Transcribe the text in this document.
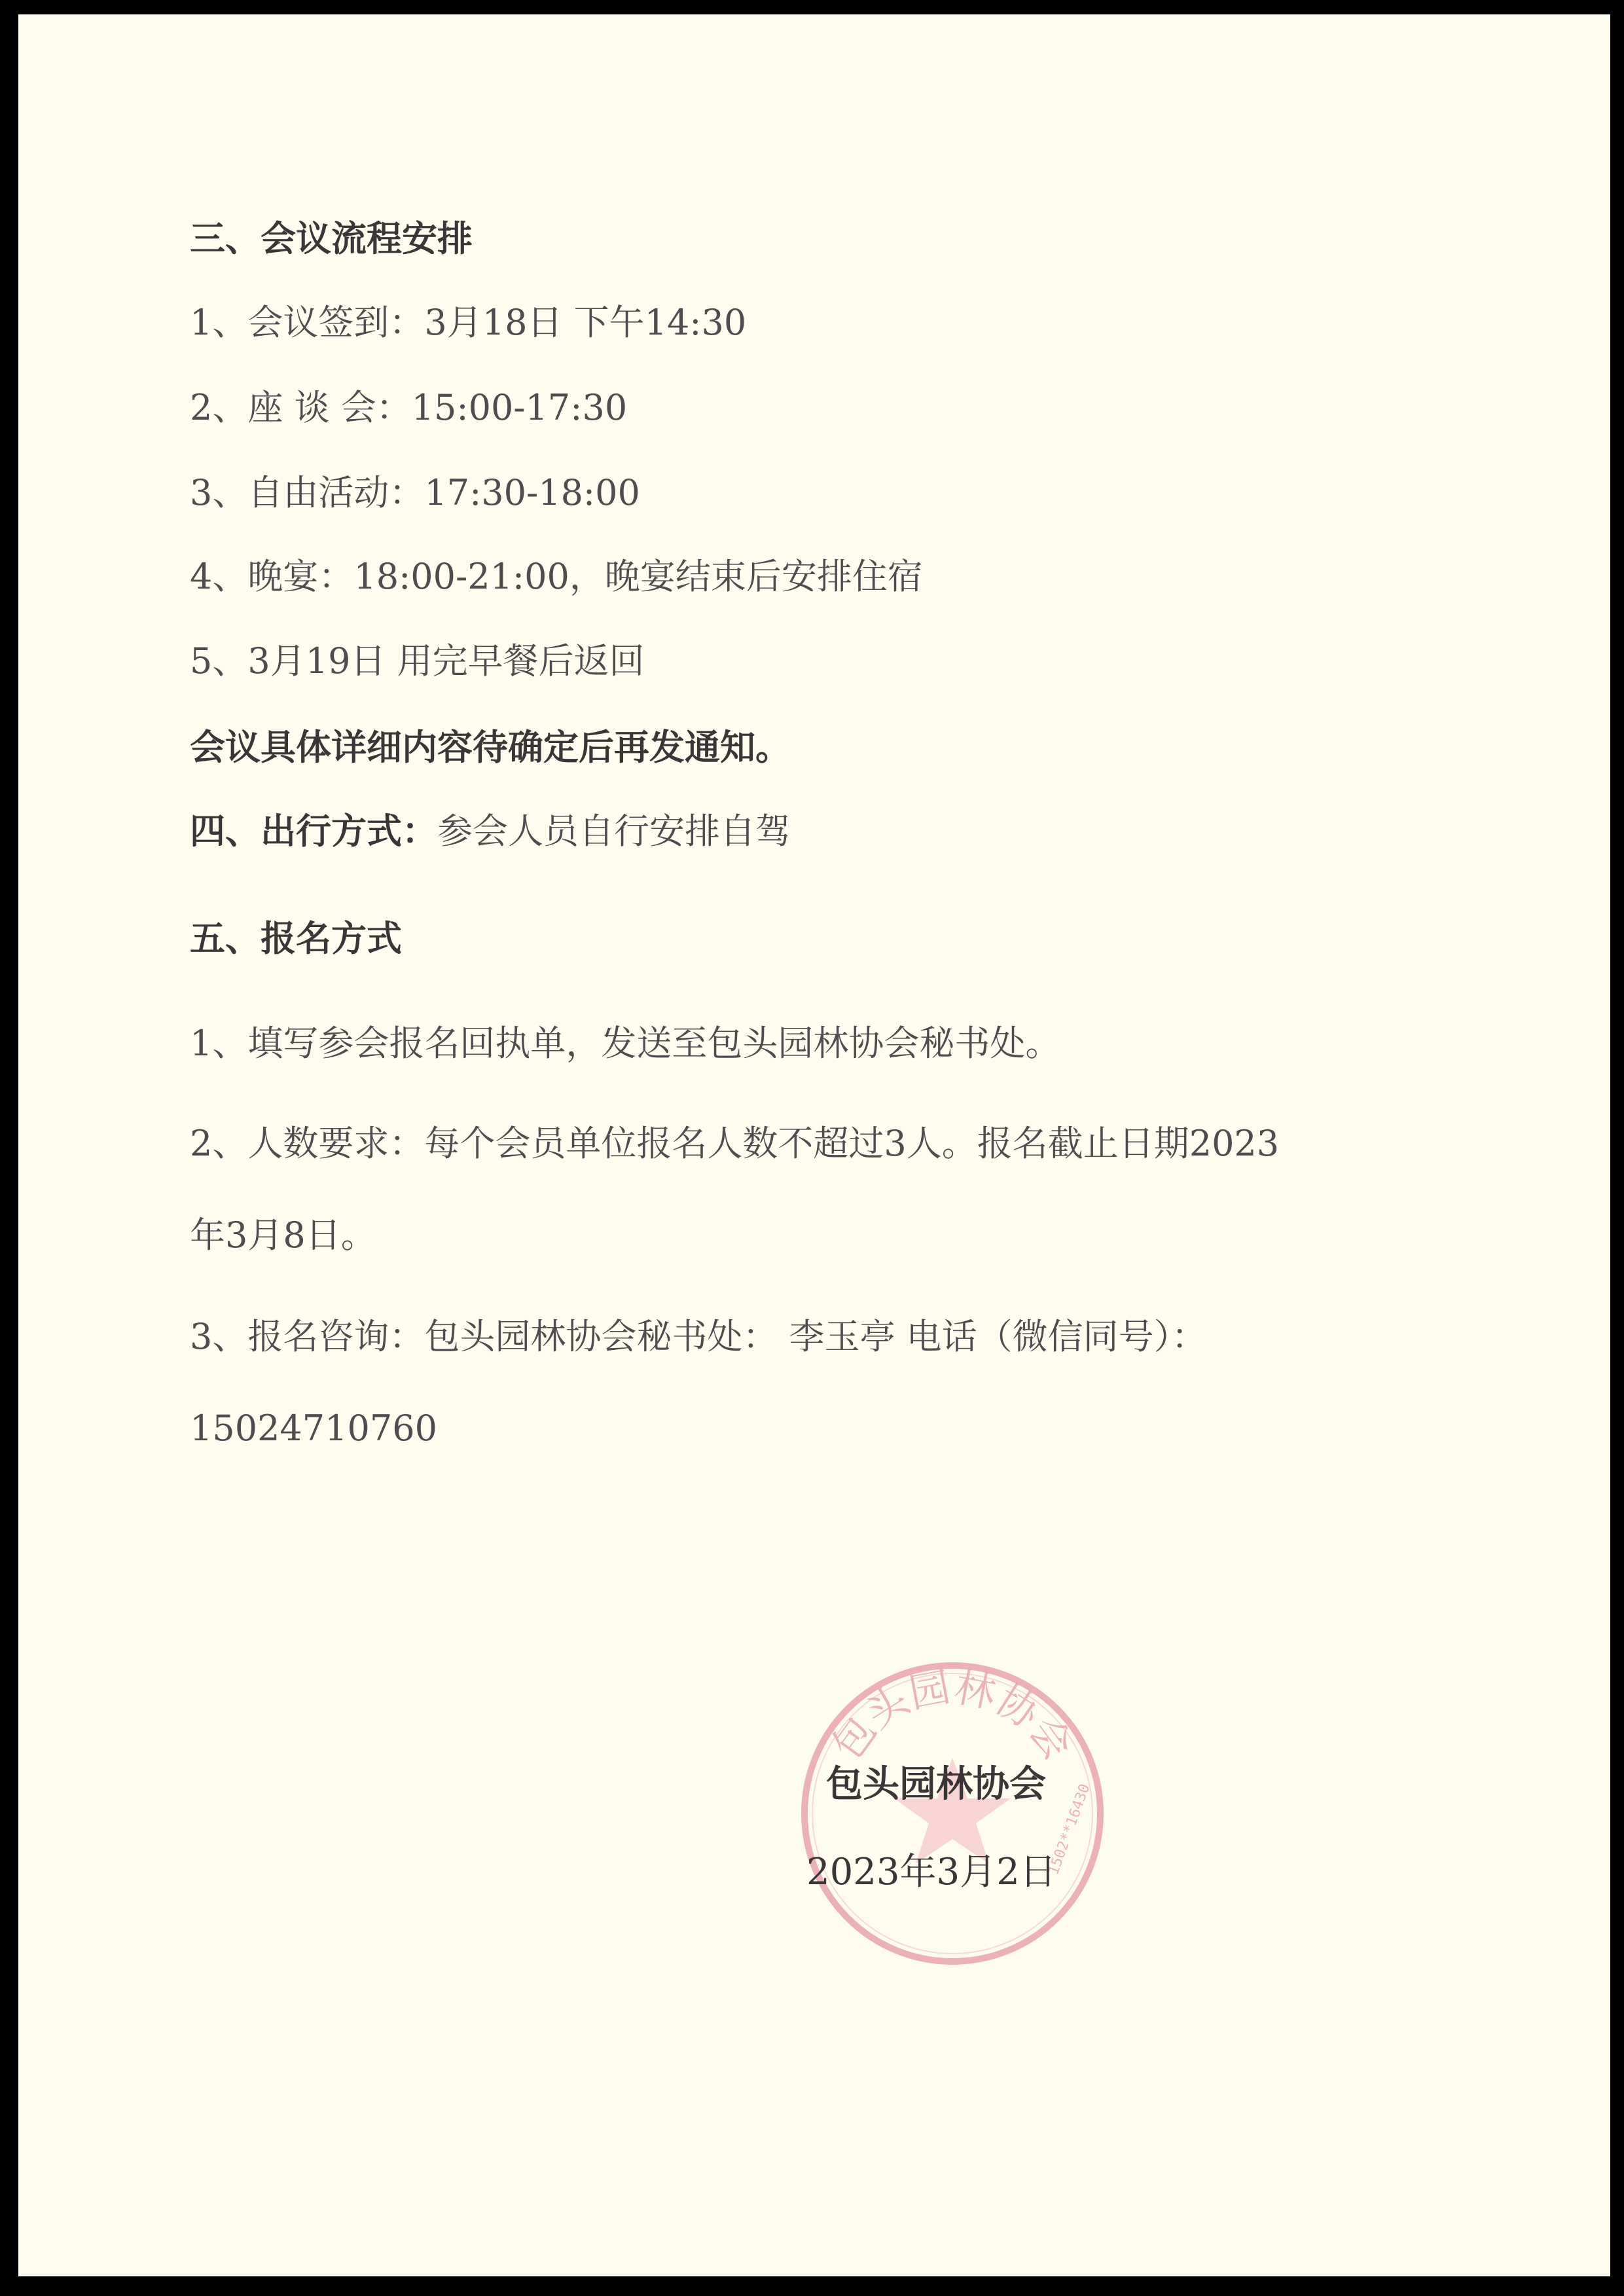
三、会议流程安排
1、会议签到：3月18日 下午14:30
2、座 谈 会：15:00-17:30
3、自由活动：17:30-18:00
4、晚宴：18:00-21:00，晚宴结束后安排住宿
5、3月19日 用完早餐后返回
会议具体详细内容待确定后再发通知。
四、出行方式：参会人员自行安排自驾
五、报名方式
1、填写参会报名回执单，发送至包头园林协会秘书处。
2、人数要求：每个会员单位报名人数不超过3人。报名截止日期2023
年3月8日。
3、报名咨询：包头园林协会秘书处： 李玉亭 电话（微信同号）：
15024710760
包头园林协会
1502**16430
包头园林协会
2023年3月2日
